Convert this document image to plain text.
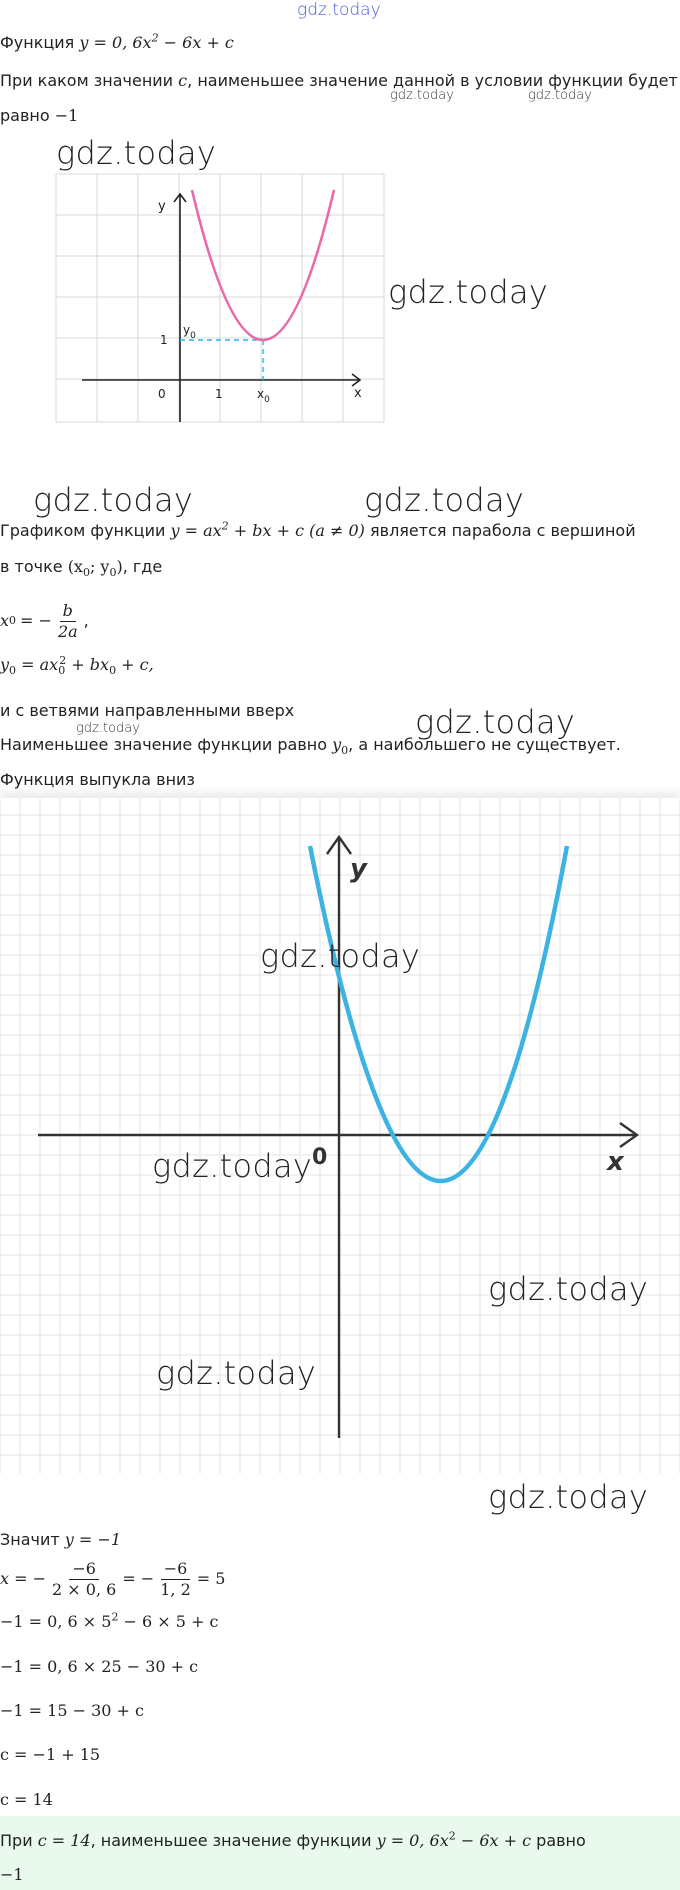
gdz.today
Функция y = 0, $6x^2 - 6x + c$
При каком значении c, наименьшее значение данной в условии функции будет
gdz.today	gdz.today
равно −1
gdz.today
y
x
0	1
1
$y_0$
$x_0$
gdz.today
gdz.today	gdz.today
Графиком функции $y = ax^2$ + bx + c (a ≠ 0) является парабола с вершиной
в точке ($x_0$; $y_0$), где
x 0 = − $\frac{b}{2a}$ ,
$y_0 = ax_0^2 + bx_0 + c$,
и с ветвями направленными вверх	gdz.today
gdz.today
Наименьшее значение функции равно $y_0$, а наибольшего не существует.
Функция выпукла вниз
y
x
0
gdz.today
gdz.today
gdz.today
gdz.today
gdz.today
Значит y = −1
x = − $\frac{-6}{2 \times 0, 6}$ = − $\frac{-6}{1, 2} = 5$
−1 = 0, $6 \times 5^2 - 6 \times 5 + c$
−1 = 0, 6 × 25 − 30 + c
−1 = 15 − 30 + c
c = −1 + 15
c = 14
При c = 14, наименьшее значение функции y = 0, $6x^2 - 6x + c$ равно
−1
